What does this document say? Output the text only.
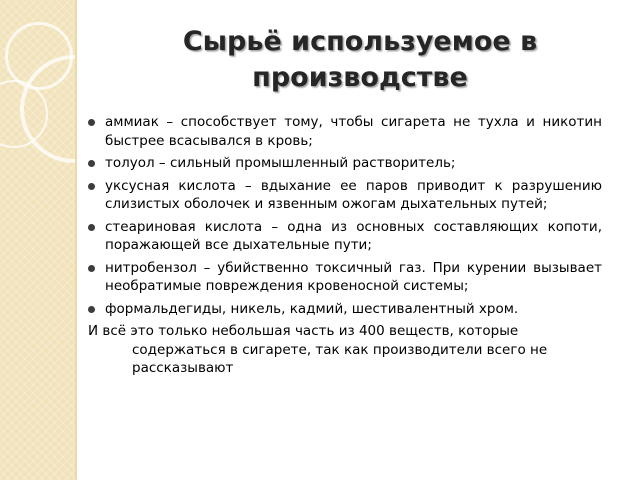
Сырьё используемое в производстве
аммиак – способствует тому, чтобы сигарета не тухла и никотин быстрее всасывался в кровь;
толуол – сильный промышленный растворитель;
уксусная кислота – вдыхание ее паров приводит к разрушению слизистых оболочек и язвенным ожогам дыхательных путей;
стеариновая кислота – одна из основных составляющих копоти, поражающей все дыхательные пути;
нитробензол – убийственно токсичный газ. При курении вызывает необратимые повреждения кровеносной системы;
формальдегиды, никель, кадмий, шестивалентный хром.

И всё это только небольшая часть из 400 веществ, которые содержаться в сигарете, так как производители всего не рассказывают
